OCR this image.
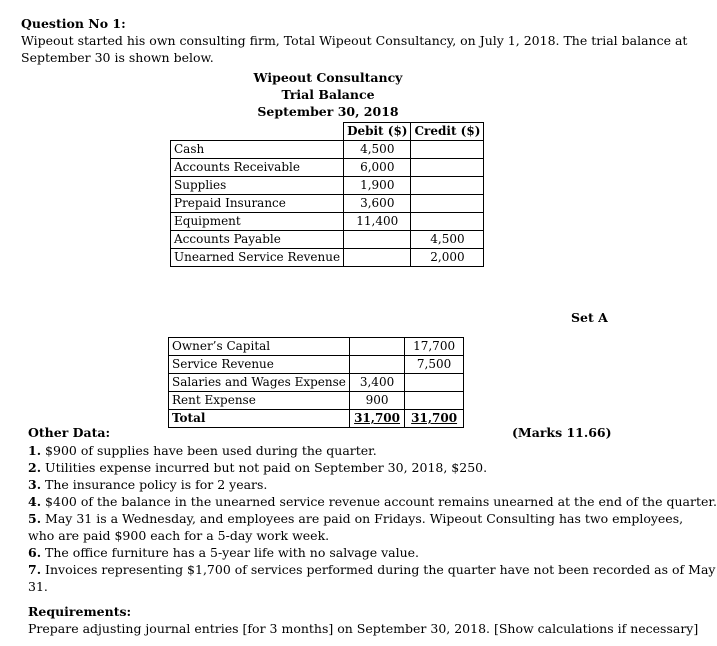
Question No 1:
Wipeout started his own consulting firm, Total Wipeout Consultancy, on July 1, 2018. The trial balance at
September 30 is shown below.
Wipeout Consultancy
Trial Balance
September 30, 2018
	Debit ($)	Credit ($)
Cash	4,500	
Accounts Receivable	6,000	
Supplies	1,900	
Prepaid Insurance	3,600	
Equipment	11,400	
Accounts Payable		4,500
Unearned Service Revenue		2,000
Set A
Owner’s Capital		17,700
Service Revenue		7,500
Salaries and Wages Expense	3,400	
Rent Expense	900	
Total	31,700	31,700
Other Data:	(Marks 11.66)
1. $900 of supplies have been used during the quarter.
2. Utilities expense incurred but not paid on September 30, 2018, $250.
3. The insurance policy is for 2 years.
4. $400 of the balance in the unearned service revenue account remains unearned at the end of the quarter.
5. May 31 is a Wednesday, and employees are paid on Fridays. Wipeout Consulting has two employees,
who are paid $900 each for a 5-day work week.
6. The office furniture has a 5-year life with no salvage value.
7. Invoices representing $1,700 of services performed during the quarter have not been recorded as of May
31.
Requirements:
Prepare adjusting journal entries [for 3 months] on September 30, 2018. [Show calculations if necessary]
